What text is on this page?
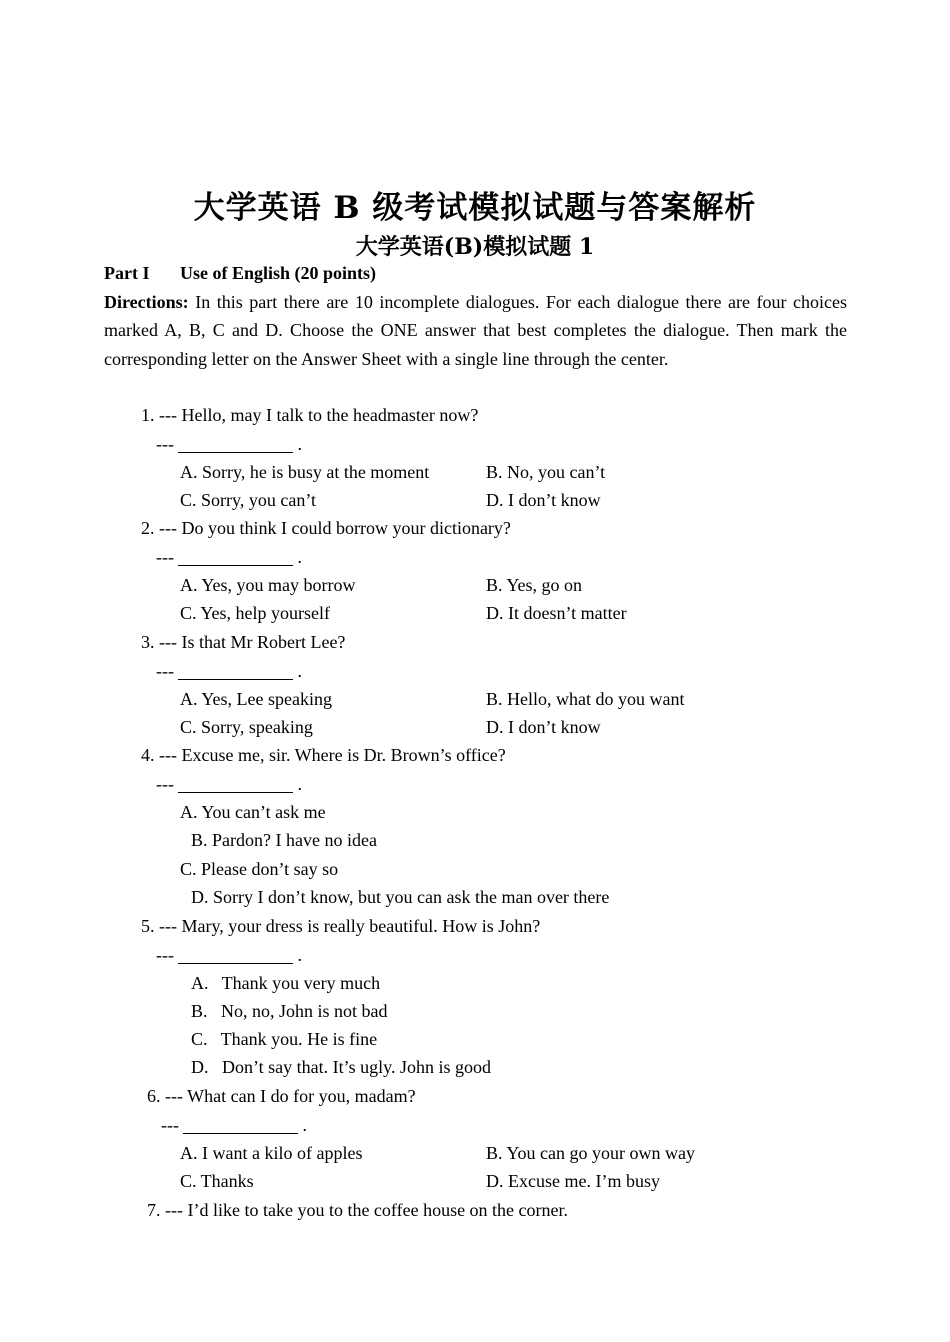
大学英语 B 级考试模拟试题与答案解析
大学英语(B)模拟试题 1
Part I Use of English (20 points)
Directions: In this part there are 10 incomplete dialogues. For each dialogue there are four choices marked A, B, C and D. Choose the ONE answer that best completes the dialogue. Then mark the corresponding letter on the Answer Sheet with a single line through the center.
1. --- Hello, may I talk to the headmaster now?
---	.
A. Sorry, he is busy at the moment	B. No, you can’t
C. Sorry, you can’t	D. I don’t know
2. --- Do you think I could borrow your dictionary?
---	.
A. Yes, you may borrow	B. Yes, go on
C. Yes, help yourself	D. It doesn’t matter
3. --- Is that Mr Robert Lee?
---	.
A. Yes, Lee speaking	B. Hello, what do you want
C. Sorry, speaking	D. I don’t know
4. --- Excuse me, sir. Where is Dr. Brown’s office?
---	.
A. You can’t ask me
B. Pardon? I have no idea
C. Please don’t say so
D. Sorry I don’t know, but you can ask the man over there
5. --- Mary, your dress is really beautiful. How is John?
---	.
A.   Thank you very much
B.   No, no, John is not bad
C.   Thank you. He is fine
D.   Don’t say that. It’s ugly. John is good
6. --- What can I do for you, madam?
---	.
A. I want a kilo of apples	B. You can go your own way
C. Thanks	D. Excuse me. I’m busy
7. --- I’d like to take you to the coffee house on the corner.
